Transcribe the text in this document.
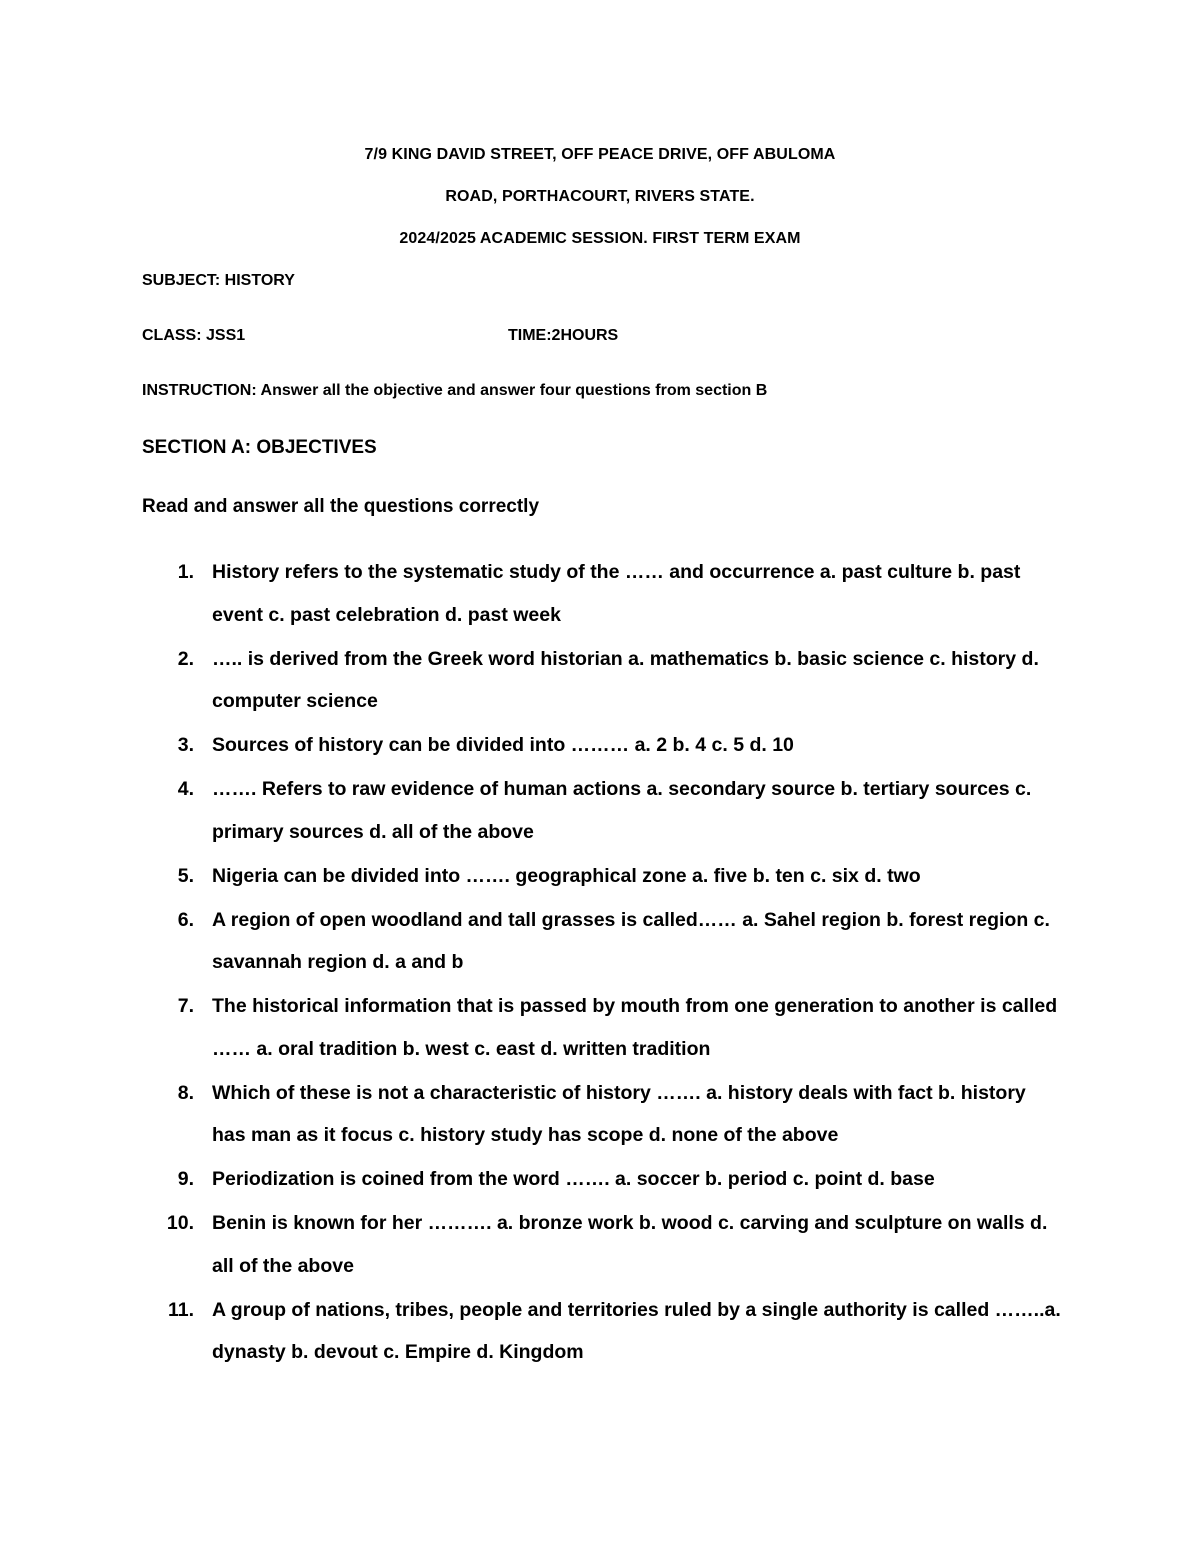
7/9 KING DAVID STREET, OFF PEACE DRIVE, OFF ABULOMA
ROAD, PORTHACOURT, RIVERS STATE.
2024/2025 ACADEMIC SESSION. FIRST TERM EXAM
SUBJECT: HISTORY
CLASS: JSS1	TIME:2HOURS
INSTRUCTION: Answer all the objective and answer four questions from section B
SECTION A: OBJECTIVES
Read and answer all the questions correctly
1. History refers to the systematic study of the …… and occurrence a. past culture b. past event c. past celebration d. past week
2. ….. is derived from the Greek word historian a. mathematics b. basic science c. history d. computer science
3. Sources of history can be divided into ……… a. 2 b. 4 c. 5 d. 10
4. ……. Refers to raw evidence of human actions a. secondary source b. tertiary sources c. primary sources d. all of the above
5. Nigeria can be divided into ……. geographical zone a. five b. ten c. six d. two
6. A region of open woodland and tall grasses is called…… a. Sahel region b. forest region c. savannah region d. a and b
7. The historical information that is passed by mouth from one generation to another is called …… a. oral tradition b. west c. east d. written tradition
8. Which of these is not a characteristic of history ……. a. history deals with fact b. history has man as it focus c. history study has scope d. none of the above
9. Periodization is coined from the word ……. a. soccer b. period c. point d. base
10. Benin is known for her ………. a. bronze work b. wood c. carving and sculpture on walls d. all of the above
11. A group of nations, tribes, people and territories ruled by a single authority is called ……..a. dynasty b. devout c. Empire d. Kingdom
